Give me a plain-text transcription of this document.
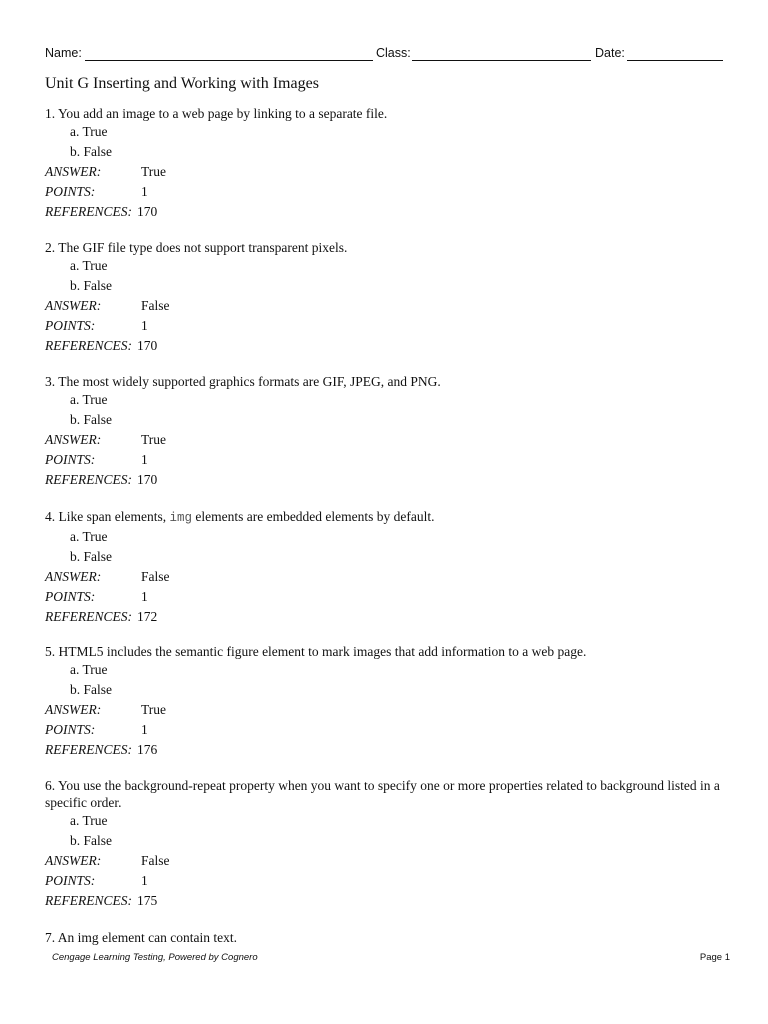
Name:	Class:	Date:
Unit G Inserting and Working with Images
1. You add an image to a web page by linking to a separate file.
a. True
b. False
ANSWER:	True
POINTS:	1
REFERENCES: 170
2. The GIF file type does not support transparent pixels.
a. True
b. False
ANSWER:	False
POINTS:	1
REFERENCES: 170
3. The most widely supported graphics formats are GIF, JPEG, and PNG.
a. True
b. False
ANSWER:	True
POINTS:	1
REFERENCES: 170
4. Like span elements, img elements are embedded elements by default.
a. True
b. False
ANSWER:	False
POINTS:	1
REFERENCES: 172
5. HTML5 includes the semantic figure element to mark images that add information to a web page.
a. True
b. False
ANSWER:	True
POINTS:	1
REFERENCES: 176
6. You use the background-repeat property when you want to specify one or more properties related to background listed in a specific order.
a. True
b. False
ANSWER:	False
POINTS:	1
REFERENCES: 175
7. An img element can contain text.
Cengage Learning Testing, Powered by Cognero	Page 1
